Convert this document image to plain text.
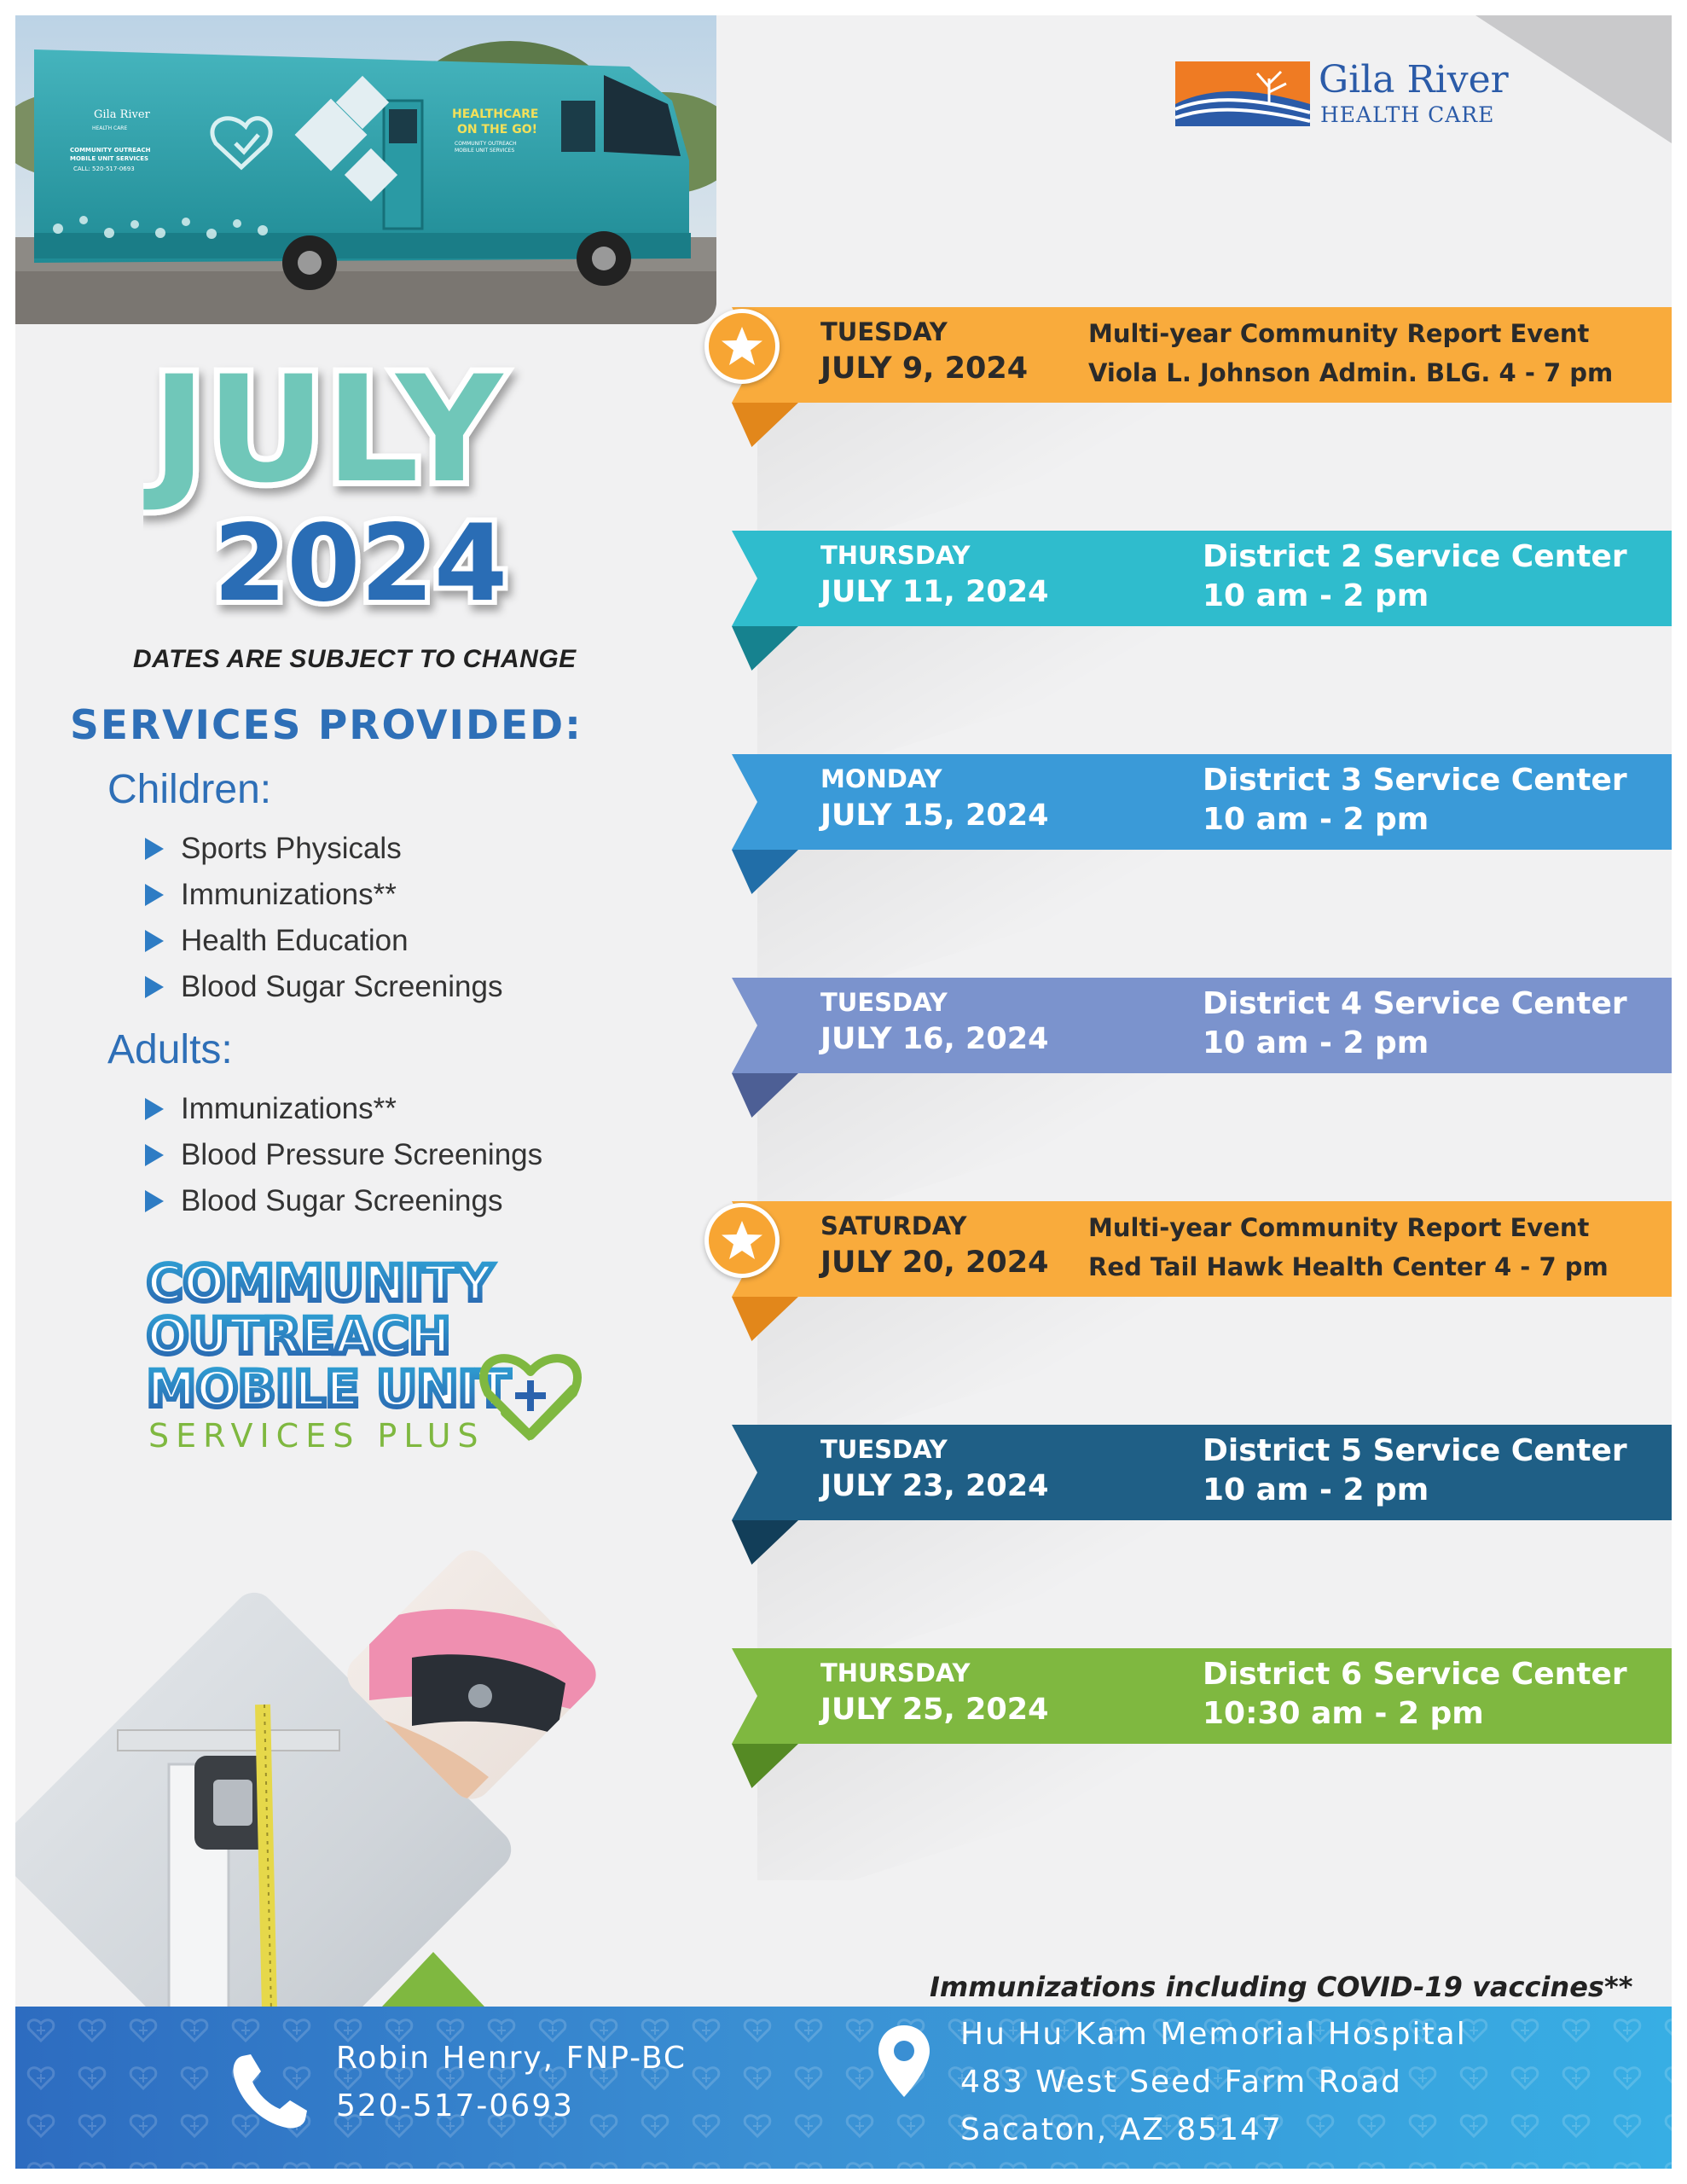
Gila River
HEALTH CARE
COMMUNITY OUTREACH
MOBILE UNIT SERVICES
CALL: 520-517-0693
HEALTHCARE
ON THE GO!
COMMUNITY OUTREACH
MOBILE UNIT SERVICES
Gila River
HEALTH CARE
JULY
2024
DATES ARE SUBJECT TO CHANGE
SERVICES PROVIDED:
Children:
Sports Physicals
Immunizations**
Health Education
Blood Sugar Screenings
Adults:
Immunizations**
Blood Pressure Screenings
Blood Sugar Screenings
COMMUNITY
OUTREACH
MOBILE UNIT
SERVICES PLUS
TUESDAY
JULY 9, 2024
Multi-year Community Report Event
Viola L. Johnson Admin. BLG. 4 - 7 pm
THURSDAY
JULY 11, 2024
District 2 Service Center
10 am - 2 pm
MONDAY
JULY 15, 2024
District 3 Service Center
10 am - 2 pm
TUESDAY
JULY 16, 2024
District 4 Service Center
10 am - 2 pm
SATURDAY
JULY 20, 2024
Multi-year Community Report Event
Red Tail Hawk Health Center 4 - 7 pm
TUESDAY
JULY 23, 2024
District 5 Service Center
10 am - 2 pm
THURSDAY
JULY 25, 2024
District 6 Service Center
10:30 am - 2 pm
Immunizations including COVID-19 vaccines**
Robin Henry, FNP-BC
520-517-0693
Hu Hu Kam Memorial Hospital
483 West Seed Farm Road
Sacaton, AZ 85147
